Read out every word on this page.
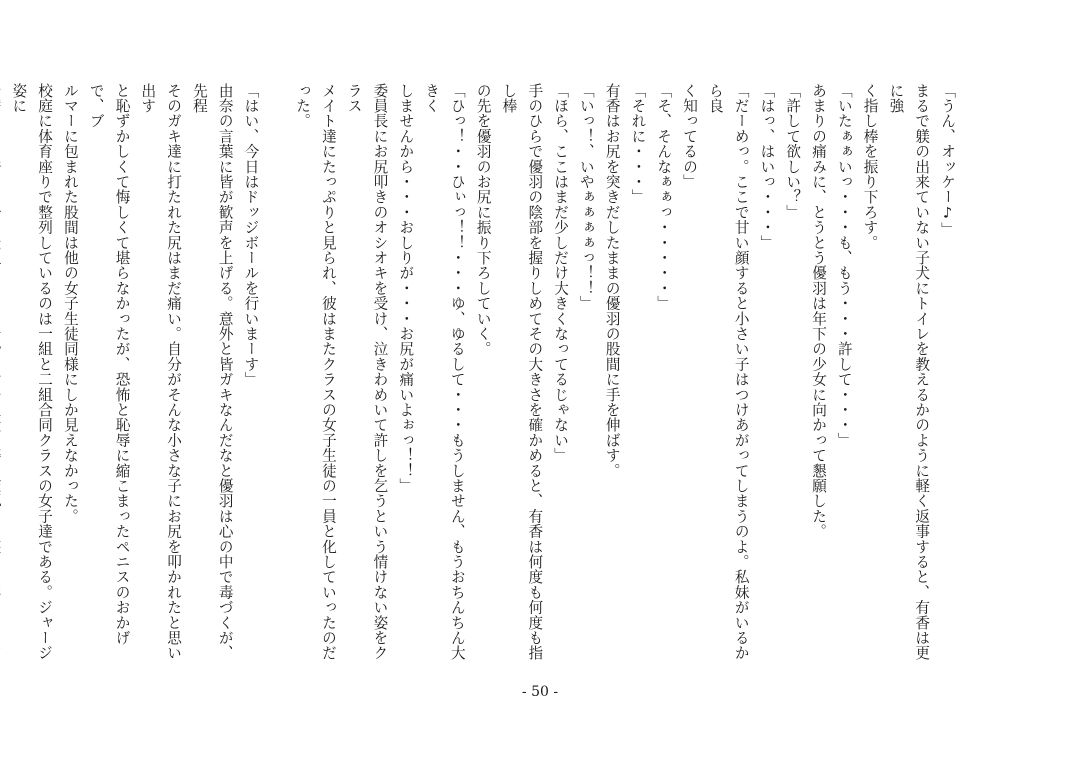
「うん、オッケー♪」

まるで躾の出来ていない子犬にトイレを教えるかのように軽く返事すると、有香は更に強

く指し棒を振り下ろす。

「いたぁぁいっ・・・も、もう・・・許して・・・」

あまりの痛みに、とうとう優羽は年下の少女に向かって懇願した。

「許して欲しい？」

「はっ、はいっ・・・」

「だーめっ。ここで甘い顔すると小さい子はつけあがってしまうのよ。私妹がいるから良

く知ってるの」

「そ、そんなぁぁっ・・・・・」

「それに・・・」

有香はお尻を突きだしたままの優羽の股間に手を伸ばす。

「いっ！、いやぁぁぁぁっ！！」

「ほら、ここはまだ少しだけ大きくなってるじゃない」

手のひらで優羽の陰部を握りしめてその大きさを確かめると、有香は何度も何度も指し棒

の先を優羽のお尻に振り下ろしていく。

「ひっ！・・ひぃっ！！・・・ゆ、ゆるして・・・もうしません、もうおちんちん大きく

しませんから・・・おしりが・・・お尻が痛いよぉっ！！」

委員長にお尻叩きのオシオキを受け、泣きわめいて許しを乞うという情けない姿をクラス

メイト達にたっぷりと見られ、彼はまたクラスの女子生徒の一員と化していったのだった。

「はい、今日はドッジボールを行いまーす」

由奈の言葉に皆が歓声を上げる。意外と皆ガキなんだなと優羽は心の中で毒づくが、先程

そのガキ達に打たれた尻はまだ痛い。自分がそんな小さな子にお尻を叩かれたと思い出す

と恥ずかしくて悔しくて堪らなかったが、恐怖と恥辱に縮こまったペニスのおかげで、ブ

ルマーに包まれた股間は他の女子生徒同様にしか見えなかった。

校庭に体育座りで整列しているのは一組と二組合同クラスの女子達である。ジャージ姿に

- 50 -
